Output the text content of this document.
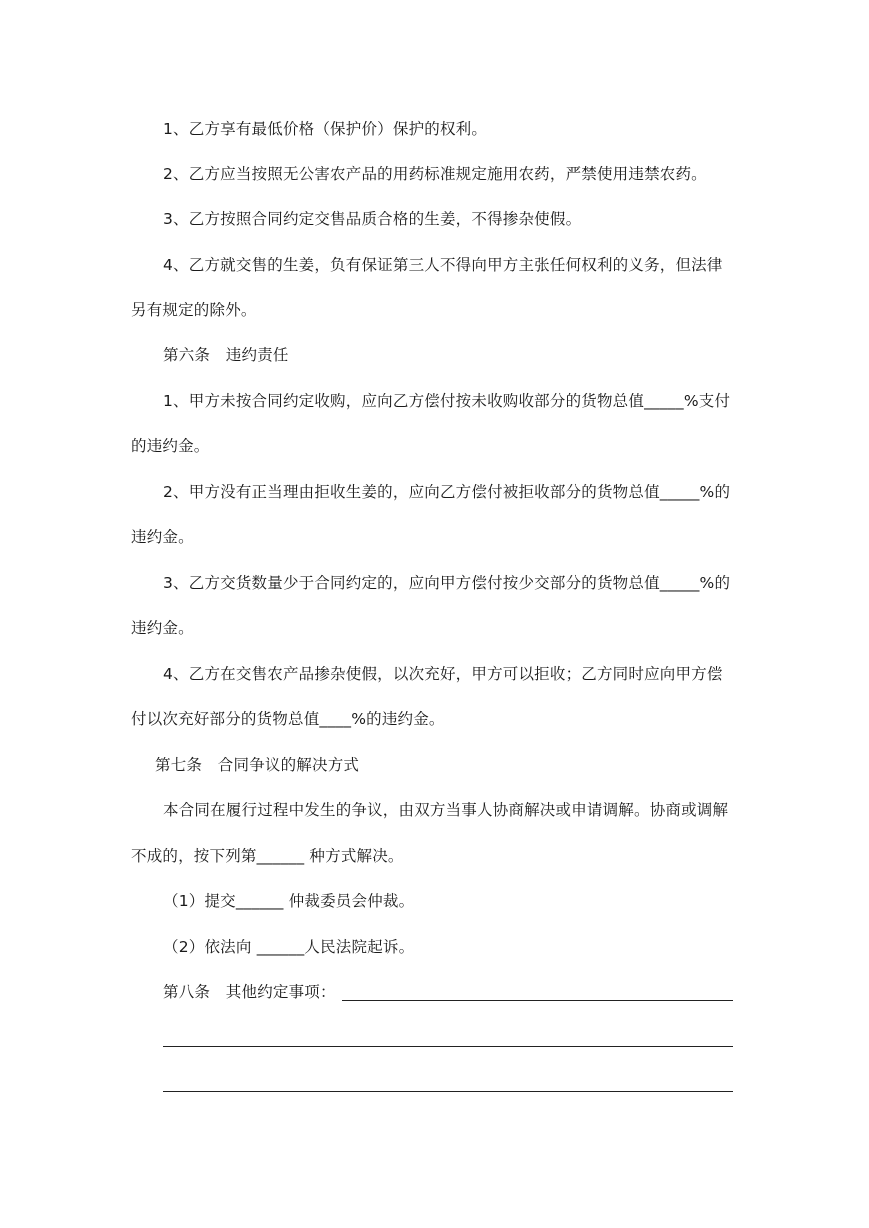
1、乙方享有最低价格（保护价）保护的权利。
2、乙方应当按照无公害农产品的用药标准规定施用农药，严禁使用违禁农药。
3、乙方按照合同约定交售品质合格的生姜，不得掺杂使假。
4、乙方就交售的生姜，负有保证第三人不得向甲方主张任何权利的义务，但法律
另有规定的除外。
第六条　违约责任
1、甲方未按合同约定收购，应向乙方偿付按未收购收部分的货物总值_____%支付
的违约金。
2、甲方没有正当理由拒收生姜的，应向乙方偿付被拒收部分的货物总值_____%的
违约金。
3、乙方交货数量少于合同约定的，应向甲方偿付按少交部分的货物总值_____%的
违约金。
4、乙方在交售农产品掺杂使假，以次充好，甲方可以拒收；乙方同时应向甲方偿
付以次充好部分的货物总值____%的违约金。
第七条　合同争议的解决方式
本合同在履行过程中发生的争议，由双方当事人协商解决或申请调解。协商或调解
不成的，按下列第______ 种方式解决。
（1）提交______ 仲裁委员会仲裁。
（2）依法向 ______人民法院起诉。
第八条　其他约定事项：
